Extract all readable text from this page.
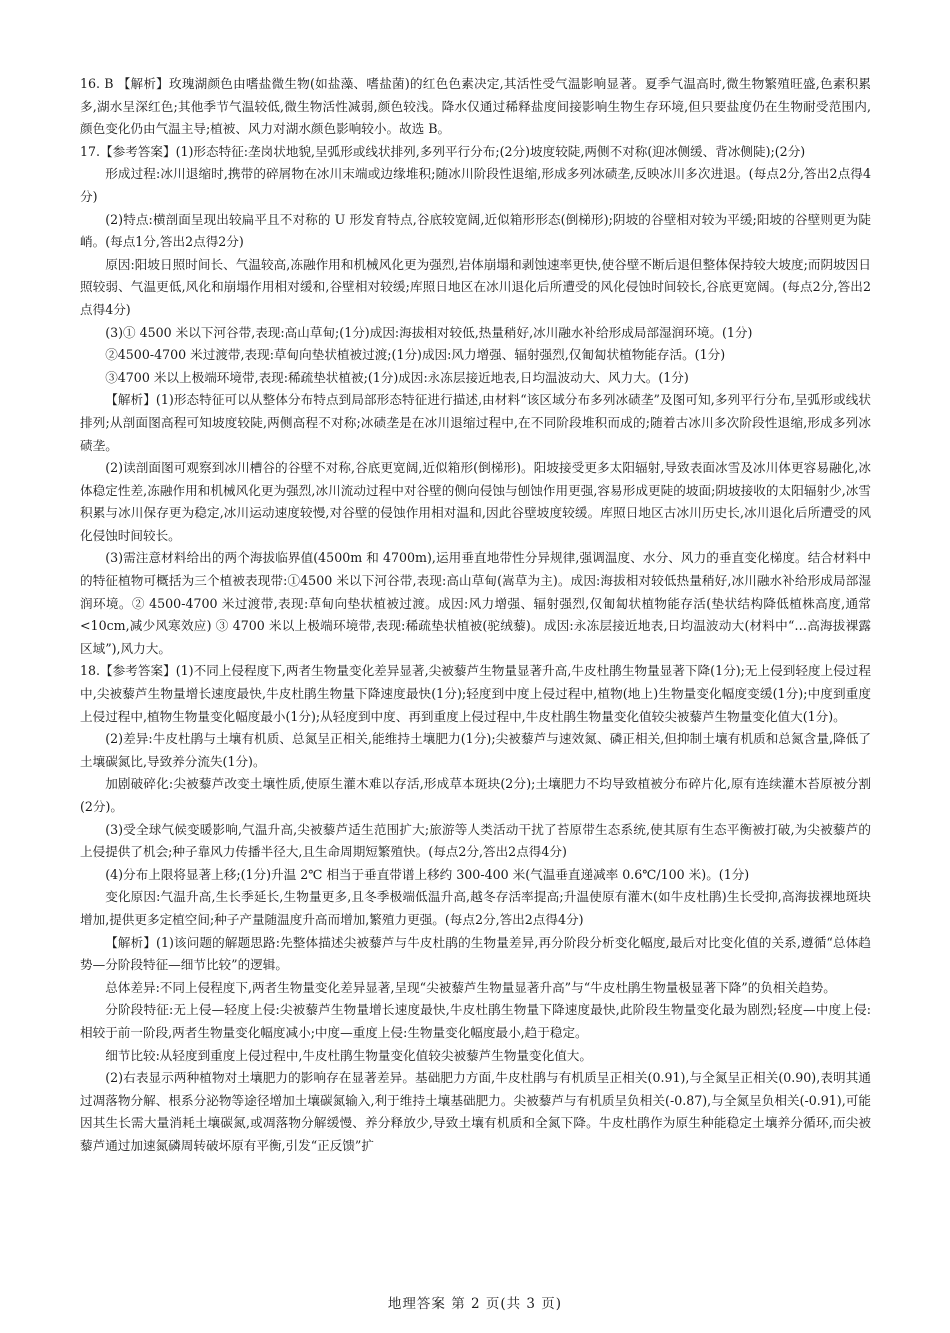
16. B 【解析】玫瑰湖颜色由嗜盐微生物(如盐藻、嗜盐菌)的红色色素决定,其活性受气温影响显著。夏季气温高时,微生物繁殖旺盛,色素积累多,湖水呈深红色;其他季节气温较低,微生物活性减弱,颜色较浅。降水仅通过稀释盐度间接影响生物生存环境,但只要盐度仍在生物耐受范围内,颜色变化仍由气温主导;植被、风力对湖水颜色影响较小。故选 B。

17.【参考答案】(1)形态特征:垄岗状地貌,呈弧形或线状排列,多列平行分布;(2分)坡度较陡,两侧不对称(迎冰侧缓、背冰侧陡);(2分)

形成过程:冰川退缩时,携带的碎屑物在冰川末端或边缘堆积;随冰川阶段性退缩,形成多列冰碛垄,反映冰川多次进退。(每点2分,答出2点得4分)

(2)特点:横剖面呈现出较扁平且不对称的 U 形发育特点,谷底较宽阔,近似箱形形态(倒梯形);阴坡的谷壁相对较为平缓;阳坡的谷壁则更为陡峭。(每点1分,答出2点得2分)

原因:阳坡日照时间长、气温较高,冻融作用和机械风化更为强烈,岩体崩塌和剥蚀速率更快,使谷壁不断后退但整体保持较大坡度;而阴坡因日照较弱、气温更低,风化和崩塌作用相对缓和,谷壁相对较缓;库照日地区在冰川退化后所遭受的风化侵蚀时间较长,谷底更宽阔。(每点2分,答出2点得4分)

(3)① 4500 米以下河谷带,表现:高山草甸;(1分)成因:海拔相对较低,热量稍好,冰川融水补给形成局部湿润环境。(1分)

②4500-4700 米过渡带,表现:草甸向垫状植被过渡;(1分)成因:风力增强、辐射强烈,仅匍匐状植物能存活。(1分)

③4700 米以上极端环境带,表现:稀疏垫状植被;(1分)成因:永冻层接近地表,日均温波动大、风力大。(1分)

【解析】(1)形态特征可以从整体分布特点到局部形态特征进行描述,由材料“该区域分布多列冰碛垄”及图可知,多列平行分布,呈弧形或线状排列;从剖面图高程可知坡度较陡,两侧高程不对称;冰碛垄是在冰川退缩过程中,在不同阶段堆积而成的;随着古冰川多次阶段性退缩,形成多列冰碛垄。

(2)读剖面图可观察到冰川槽谷的谷壁不对称,谷底更宽阔,近似箱形(倒梯形)。阳坡接受更多太阳辐射,导致表面冰雪及冰川体更容易融化,冰体稳定性差,冻融作用和机械风化更为强烈,冰川流动过程中对谷壁的侧向侵蚀与刨蚀作用更强,容易形成更陡的坡面;阴坡接收的太阳辐射少,冰雪积累与冰川保存更为稳定,冰川运动速度较慢,对谷壁的侵蚀作用相对温和,因此谷壁坡度较缓。库照日地区古冰川历史长,冰川退化后所遭受的风化侵蚀时间较长。

(3)需注意材料给出的两个海拔临界值(4500m 和 4700m),运用垂直地带性分异规律,强调温度、水分、风力的垂直变化梯度。结合材料中的特征植物可概括为三个植被表现带:①4500 米以下河谷带,表现:高山草甸(嵩草为主)。成因:海拔相对较低热量稍好,冰川融水补给形成局部湿润环境。② 4500-4700 米过渡带,表现:草甸向垫状植被过渡。成因:风力增强、辐射强烈,仅匍匐状植物能存活(垫状结构降低植株高度,通常<10cm,减少风寒效应) ③ 4700 米以上极端环境带,表现:稀疏垫状植被(驼绒藜)。成因:永冻层接近地表,日均温波动大(材料中“…高海拔裸露区域”),风力大。

18.【参考答案】(1)不同上侵程度下,两者生物量变化差异显著,尖被藜芦生物量显著升高,牛皮杜鹃生物量显著下降(1分);无上侵到轻度上侵过程中,尖被藜芦生物量增长速度最快,牛皮杜鹃生物量下降速度最快(1分);轻度到中度上侵过程中,植物(地上)生物量变化幅度变缓(1分);中度到重度上侵过程中,植物生物量变化幅度最小(1分);从轻度到中度、再到重度上侵过程中,牛皮杜鹃生物量变化值较尖被藜芦生物量变化值大(1分)。

(2)差异:牛皮杜鹃与土壤有机质、总氮呈正相关,能维持土壤肥力(1分);尖被藜芦与速效氮、磷正相关,但抑制土壤有机质和总氮含量,降低了土壤碳氮比,导致养分流失(1分)。

加剧破碎化:尖被藜芦改变土壤性质,使原生灌木难以存活,形成草本斑块(2分);土壤肥力不均导致植被分布碎片化,原有连续灌木苔原被分割(2分)。

(3)受全球气候变暖影响,气温升高,尖被藜芦适生范围扩大;旅游等人类活动干扰了苔原带生态系统,使其原有生态平衡被打破,为尖被藜芦的上侵提供了机会;种子靠风力传播半径大,且生命周期短繁殖快。(每点2分,答出2点得4分)

(4)分布上限将显著上移;(1分)升温 2℃ 相当于垂直带谱上移约 300-400 米(气温垂直递减率 0.6℃/100 米)。(1分)

变化原因:气温升高,生长季延长,生物量更多,且冬季极端低温升高,越冬存活率提高;升温使原有灌木(如牛皮杜鹃)生长受抑,高海拔裸地斑块增加,提供更多定植空间;种子产量随温度升高而增加,繁殖力更强。(每点2分,答出2点得4分)

【解析】(1)该问题的解题思路:先整体描述尖被藜芦与牛皮杜鹃的生物量差异,再分阶段分析变化幅度,最后对比变化值的关系,遵循“总体趋势—分阶段特征—细节比较”的逻辑。

总体差异:不同上侵程度下,两者生物量变化差异显著,呈现“尖被藜芦生物量显著升高”与“牛皮杜鹃生物量极显著下降”的负相关趋势。

分阶段特征:无上侵—轻度上侵:尖被藜芦生物量增长速度最快,牛皮杜鹃生物量下降速度最快,此阶段生物量变化最为剧烈;轻度—中度上侵:相较于前一阶段,两者生物量变化幅度减小;中度—重度上侵:生物量变化幅度最小,趋于稳定。

细节比较:从轻度到重度上侵过程中,牛皮杜鹃生物量变化值较尖被藜芦生物量变化值大。

(2)右表显示两种植物对土壤肥力的影响存在显著差异。基础肥力方面,牛皮杜鹃与有机质呈正相关(0.91),与全氮呈正相关(0.90),表明其通过凋落物分解、根系分泌物等途径增加土壤碳氮输入,利于维持土壤基础肥力。尖被藜芦与有机质呈负相关(-0.87),与全氮呈负相关(-0.91),可能因其生长需大量消耗土壤碳氮,或凋落物分解缓慢、养分释放少,导致土壤有机质和全氮下降。牛皮杜鹃作为原生种能稳定土壤养分循环,而尖被藜芦通过加速氮磷周转破坏原有平衡,引发“正反馈”扩

地理答案 第 2 页(共 3 页)
